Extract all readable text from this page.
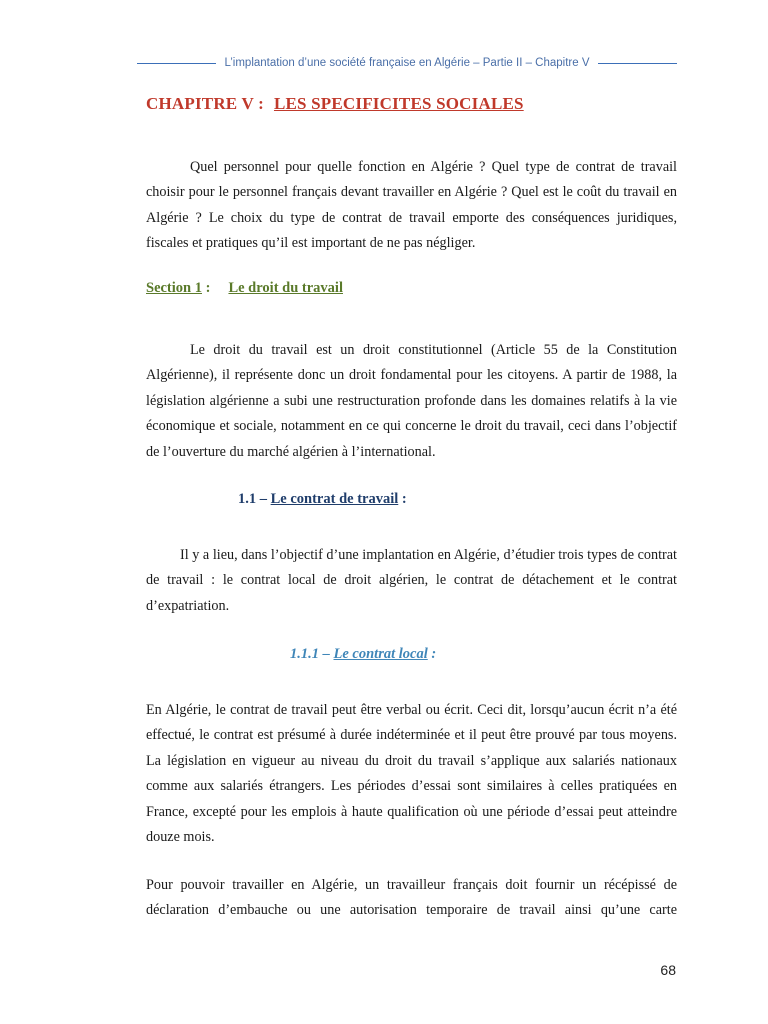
L’implantation d’une société française en Algérie – Partie II – Chapitre V
CHAPITRE V : LES SPECIFICITES SOCIALES

Quel personnel pour quelle fonction en Algérie ? Quel type de contrat de travail choisir pour le personnel français devant travailler en Algérie ? Quel est le coût du travail en Algérie ? Le choix du type de contrat de travail emporte des conséquences juridiques, fiscales et pratiques qu’il est important de ne pas négliger.

Section 1 : Le droit du travail

Le droit du travail est un droit constitutionnel (Article 55 de la Constitution Algérienne), il représente donc un droit fondamental pour les citoyens. A partir de 1988, la législation algérienne a subi une restructuration profonde dans les domaines relatifs à la vie économique et sociale, notamment en ce qui concerne le droit du travail, ceci dans l’objectif de l’ouverture du marché algérien à l’international.

1.1 – Le contrat de travail :

Il y a lieu, dans l’objectif d’une implantation en Algérie, d’étudier trois types de contrat de travail : le contrat local de droit algérien, le contrat de détachement et le contrat d’expatriation.

1.1.1 – Le contrat local :

En Algérie, le contrat de travail peut être verbal ou écrit. Ceci dit, lorsqu’aucun écrit n’a été effectué, le contrat est présumé à durée indéterminée et il peut être prouvé par tous moyens. La législation en vigueur au niveau du droit du travail s’applique aux salariés nationaux comme aux salariés étrangers. Les périodes d’essai sont similaires à celles pratiquées en France, excepté pour les emplois à haute qualification où une période d’essai peut atteindre douze mois.

Pour pouvoir travailler en Algérie, un travailleur français doit fournir un récépissé de déclaration d’embauche ou une autorisation temporaire de travail ainsi qu’une carte

68
